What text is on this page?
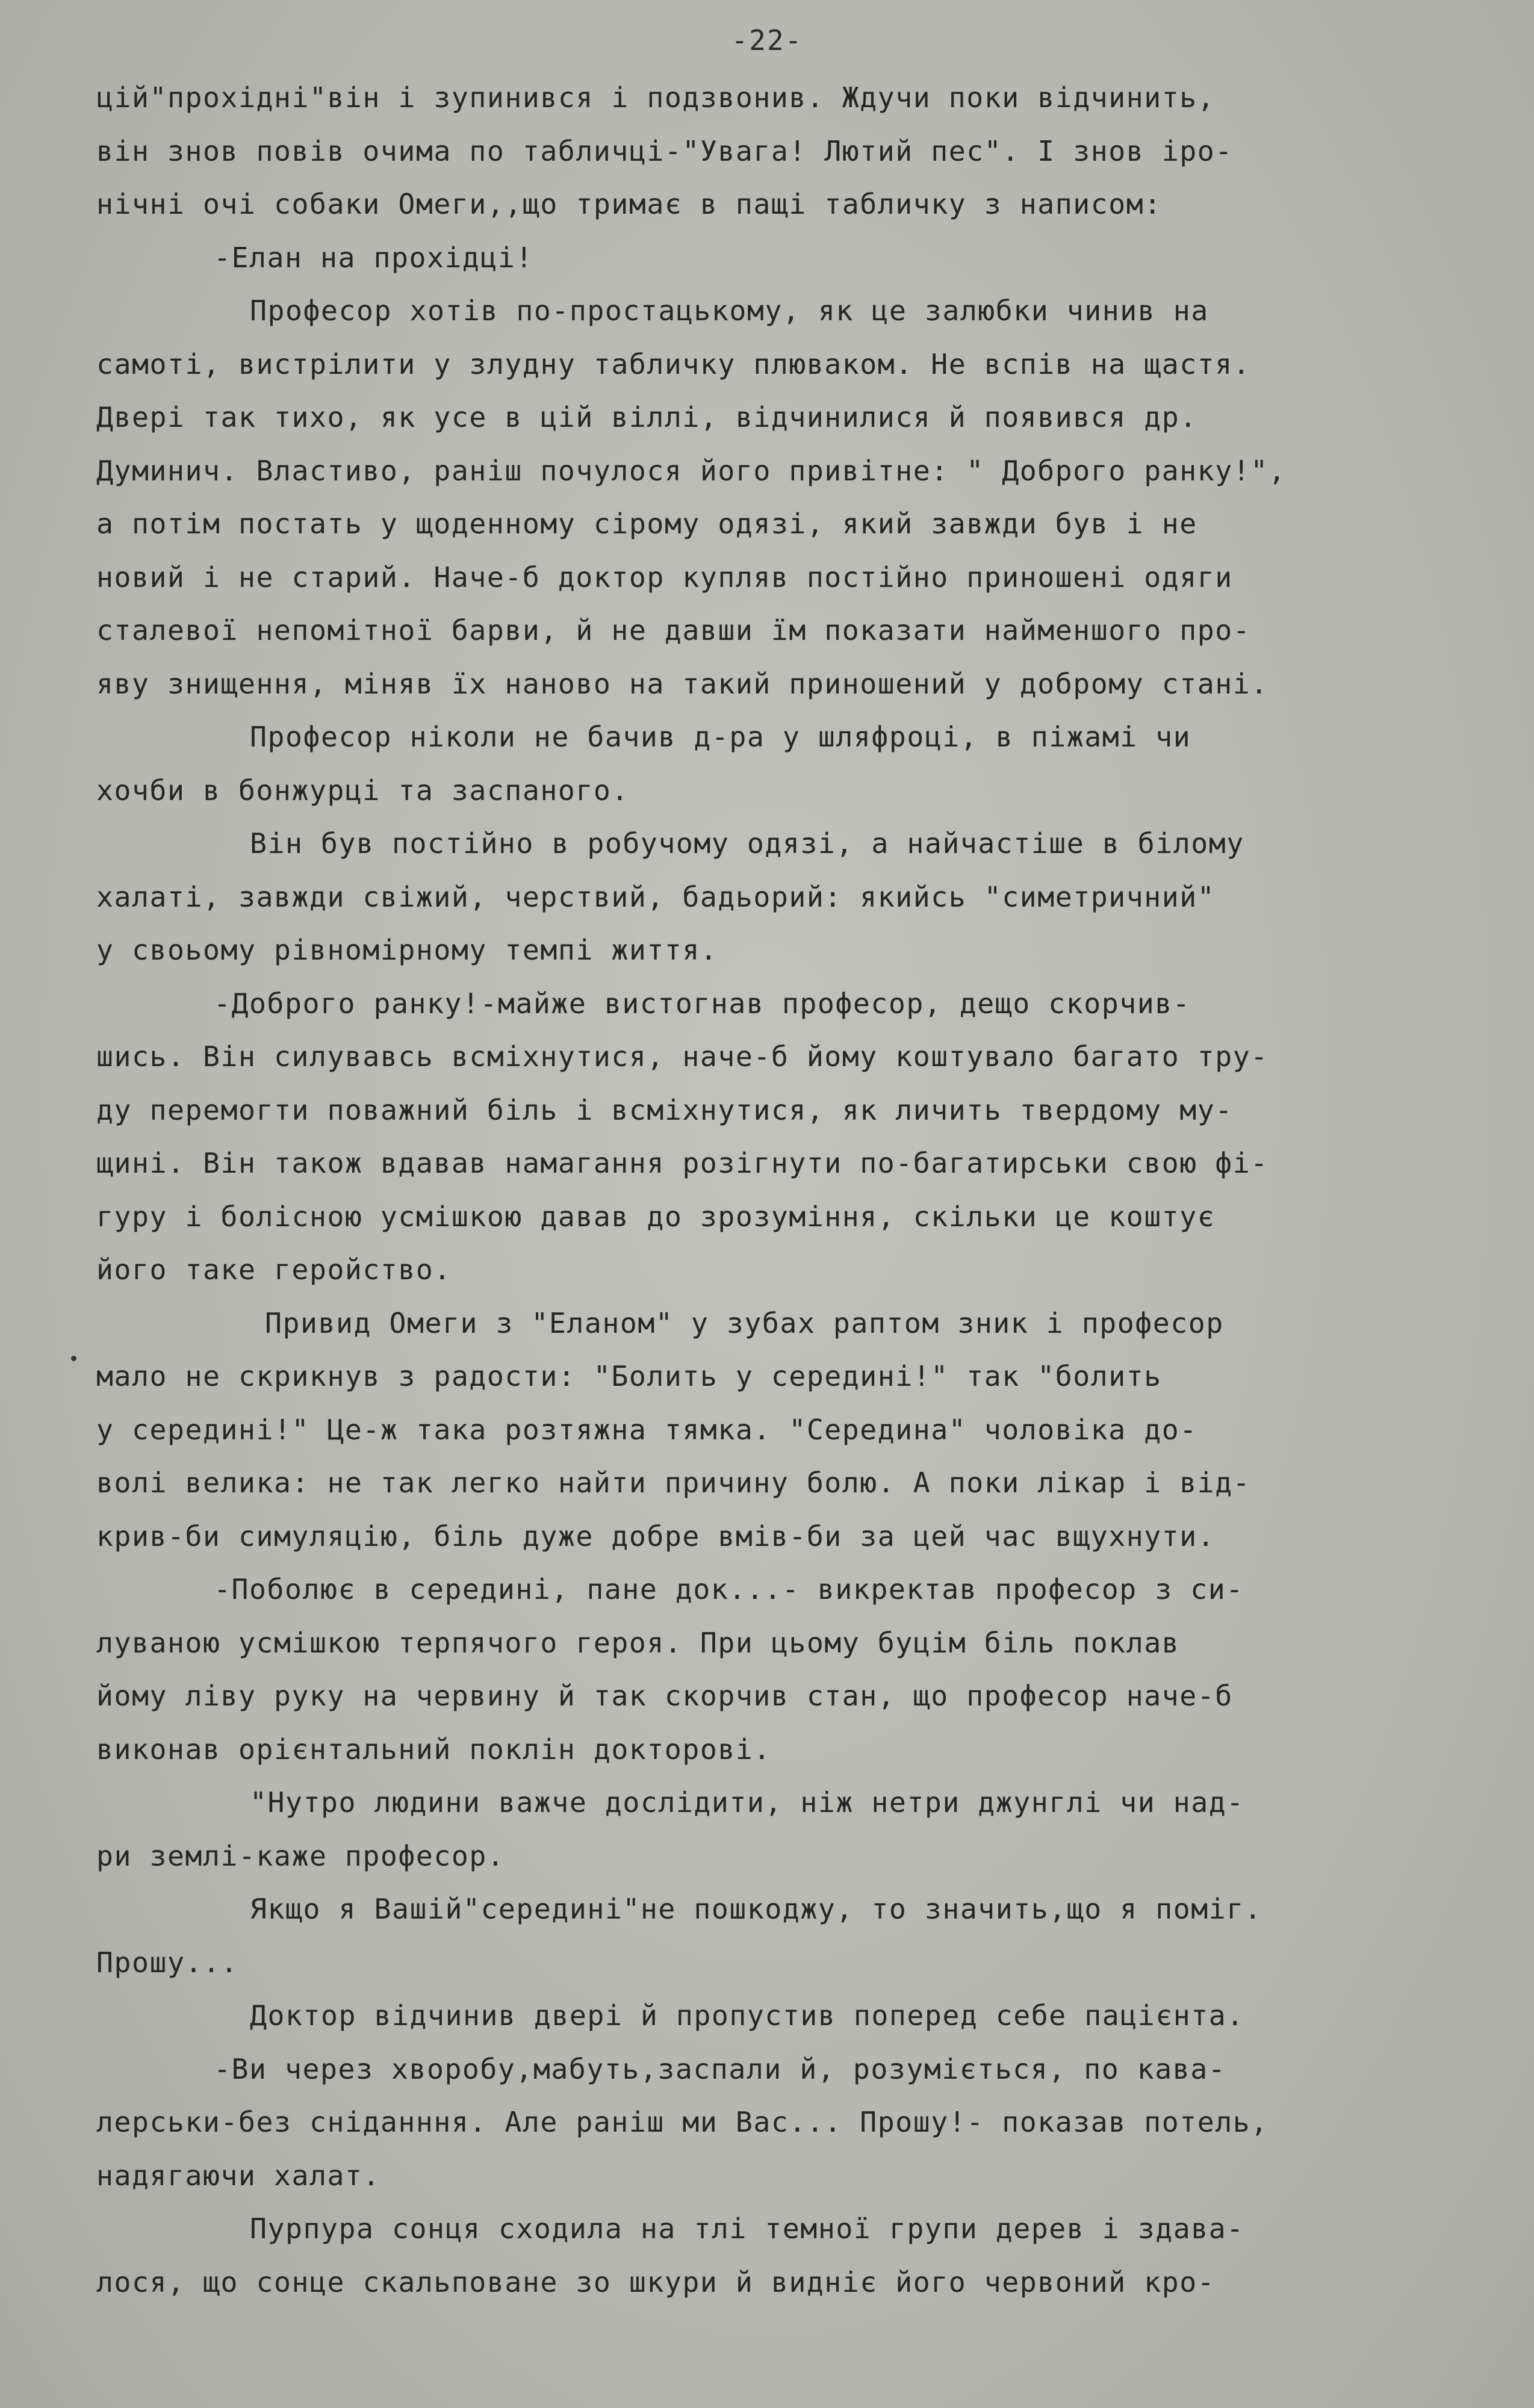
-22-
цій"прохідні"він і зупинився і подзвонив. Ждучи поки відчинить,
він знов повів очима по табличці-"Увага! Лютий пес". І знов іро-
нічні очі собаки Омеги,,що тримає в пащі табличку з написом:
-Елан на прохідці!
Професор хотів по-простацькому, як це залюбки чинив на
самоті, вистрілити у злудну табличку плюваком. Не вспів на щастя.
Двері так тихо, як усе в цій віллі, відчинилися й появився др.
Думинич. Властиво, раніш почулося його привітне: " Доброго ранку!",
а потім постать у щоденному сірому одязі, який завжди був і не
новий і не старий. Наче-б доктор купляв постійно приношені одяги
сталевої непомітної барви, й не давши їм показати найменшого про-
яву знищення, міняв їх наново на такий приношений у доброму стані.
Професор ніколи не бачив д-ра у шляфроці, в піжамі чи
хочби в бонжурці та заспаного.
Він був постійно в робучому одязі, а найчастіше в білому
халаті, завжди свіжий, черствий, бадьорий: якийсь "симетричний"
у своьому рівномірному темпі життя.
-Доброго ранку!-майже вистогнав професор, дещо скорчив-
шись. Він силувавсь всміхнутися, наче-б йому коштувало багато тру-
ду перемогти поважний біль і всміхнутися, як личить твердому му-
щині. Він також вдавав намагання розігнути по-багатирськи свою фі-
гуру і болісною усмішкою давав до зрозуміння, скільки це коштує
його таке геройство.
Привид Омеги з "Еланом" у зубах раптом зник і професор
мало не скрикнув з радости: "Болить у середині!" так "болить
у середині!" Це-ж така розтяжна тямка. "Середина" чоловіка до-
волі велика: не так легко найти причину болю. А поки лікар і від-
крив-би симуляцію, біль дуже добре вмів-би за цей час вщухнути.
-Поболює в середині, пане док...- викректав професор з си-
луваною усмішкою терпячого героя. При цьому буцім біль поклав
йому ліву руку на червину й так скорчив стан, що професор наче-б
виконав орієнтальний поклін докторові.
"Нутро людини важче дослідити, ніж нетри джунглі чи над-
ри землі-каже професор.
Якщо я Вашій"середині"не пошкоджу, то значить,що я поміг.
Прошу...
Доктор відчинив двері й пропустив поперед себе пацієнта.
-Ви через хворобу,мабуть,заспали й, розуміється, по кава-
лерськи-без сніданння. Але раніш ми Вас... Прошу!- показав потель,
надягаючи халат.
Пурпура сонця сходила на тлі темної групи дерев і здава-
лося, що сонце скальповане зо шкури й видніє його червоний кро-
